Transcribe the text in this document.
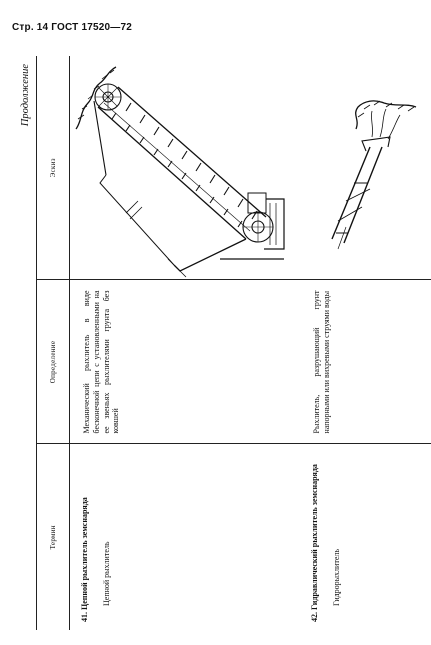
Стр. 14 ГОСТ 17520—72
Продолжение
Термин	Определение	Эскиз

41. Цепной рыхлитель земснаряда Цепной рыхлитель	Механический рыхлитель в виде бесконечной цепи с установленными на ее звеньях рыхлителями грунта без ковшей

42. Гидравлический рыхлитель земснаряда Гидрорыхлитель	Рыхлитель, разрушающий грунт напорными или вихревыми струями воды
